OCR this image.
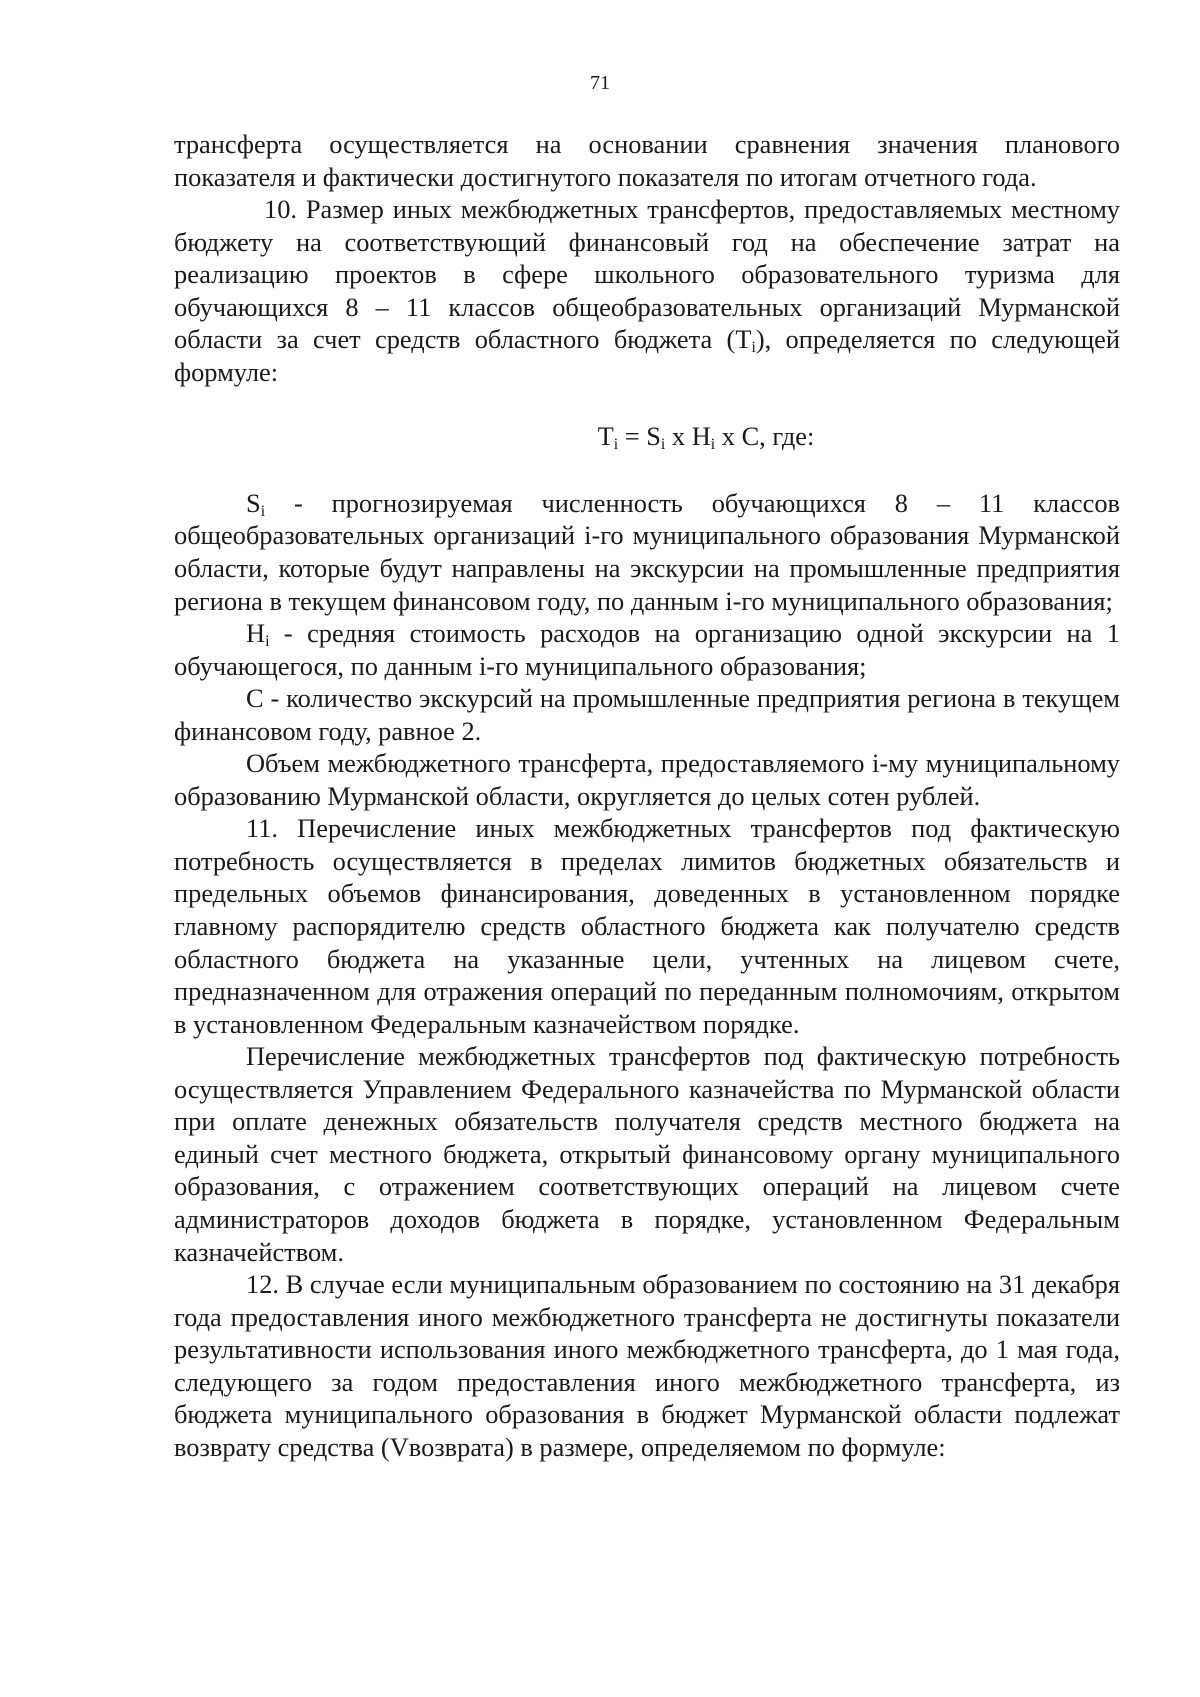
71

трансферта осуществляется на основании сравнения значения планового показателя и фактически достигнутого показателя по итогам отчетного года.

10. Размер иных межбюджетных трансфертов, предоставляемых местному бюджету на соответствующий финансовый год на обеспечение затрат на реализацию проектов в сфере школьного образовательного туризма для обучающихся 8 – 11 классов общеобразовательных организаций Мурманской области за счет средств областного бюджета $(T_i)$, определяется по следующей формуле:

$T_i = S_i$ х $H_i$ х C, где:

$S_i$ - прогнозируемая численность обучающихся 8 – 11 классов общеобразовательных организаций i-го муниципального образования Мурманской области, которые будут направлены на экскурсии на промышленные предприятия региона в текущем финансовом году, по данным i-го муниципального образования;

$H_i$ - средняя стоимость расходов на организацию одной экскурсии на 1 обучающегося, по данным i-го муниципального образования;

C - количество экскурсий на промышленные предприятия региона в текущем финансовом году, равное 2.

Объем межбюджетного трансферта, предоставляемого i-му муниципальному образованию Мурманской области, округляется до целых сотен рублей.

11. Перечисление иных межбюджетных трансфертов под фактическую потребность осуществляется в пределах лимитов бюджетных обязательств и предельных объемов финансирования, доведенных в установленном порядке главному распорядителю средств областного бюджета как получателю средств областного бюджета на указанные цели, учтенных на лицевом счете, предназначенном для отражения операций по переданным полномочиям, открытом в установленном Федеральным казначейством порядке.

Перечисление межбюджетных трансфертов под фактическую потребность осуществляется Управлением Федерального казначейства по Мурманской области при оплате денежных обязательств получателя средств местного бюджета на единый счет местного бюджета, открытый финансовому органу муниципального образования, с отражением соответствующих операций на лицевом счете администраторов доходов бюджета в порядке, установленном Федеральным казначейством.

12. В случае если муниципальным образованием по состоянию на 31 декабря года предоставления иного межбюджетного трансферта не достигнуты показатели результативности использования иного межбюджетного трансферта, до 1 мая года, следующего за годом предоставления иного межбюджетного трансферта, из бюджета муниципального образования в бюджет Мурманской области подлежат возврату средства (Vвозврата) в размере, определяемом по формуле:
